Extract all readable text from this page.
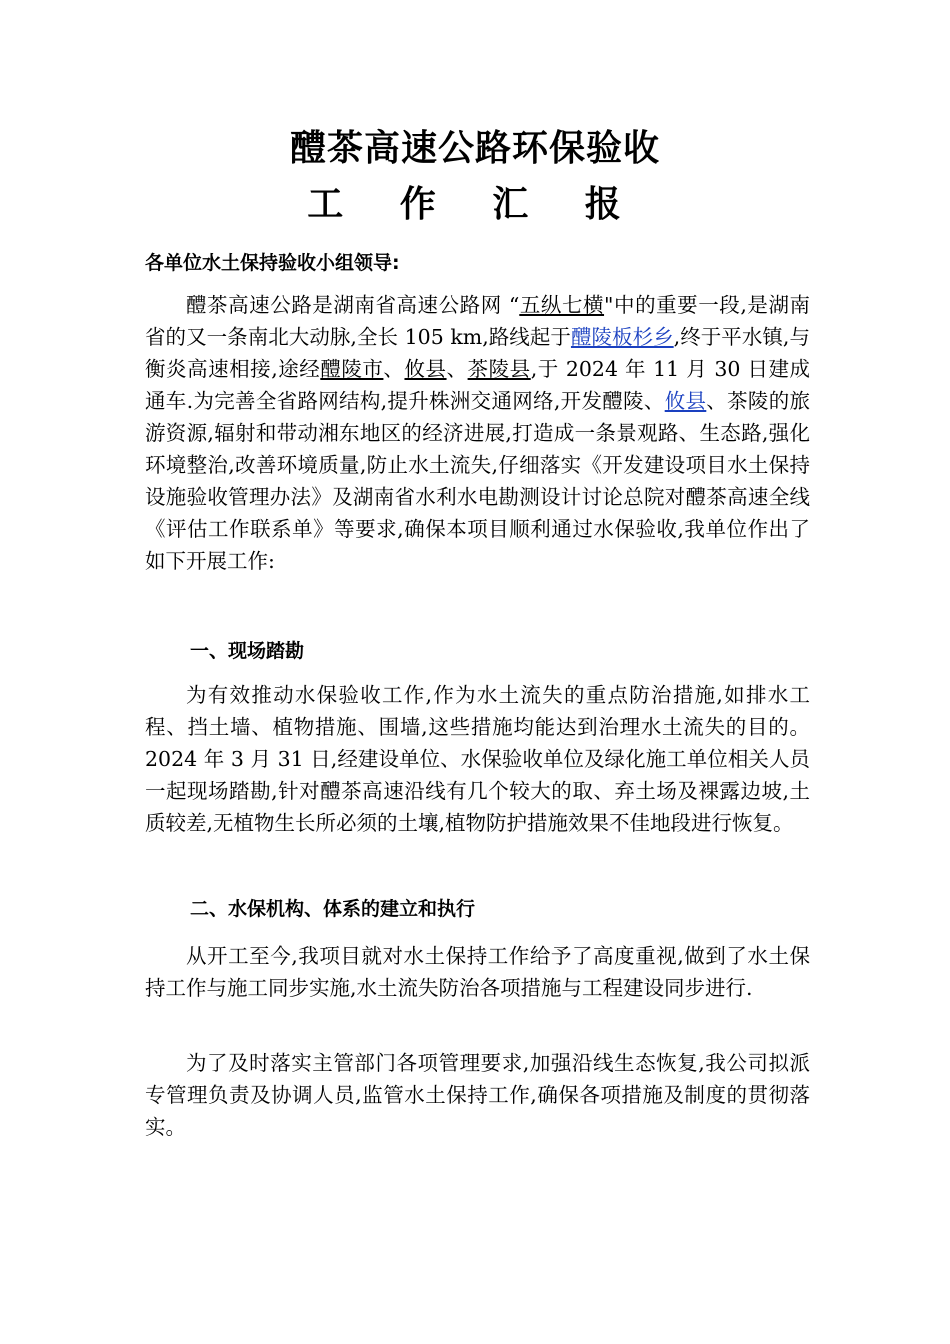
醴茶高速公路环保验收
工 作 汇 报

各单位水土保持验收小组领导:

醴茶高速公路是湖南省高速公路网 “五纵七横"中的重要一段,是湖南省的又一条南北大动脉,全长 105 km,路线起于醴陵板杉乡,终于平水镇,与衡炎高速相接,途经醴陵市、攸县、茶陵县,于 2024 年 11 月 30 日建成通车.为完善全省路网结构,提升株洲交通网络,开发醴陵、攸县、茶陵的旅游资源,辐射和带动湘东地区的经济进展,打造成一条景观路、生态路,强化环境整治,改善环境质量,防止水土流失,仔细落实《开发建设项目水土保持设施验收管理办法》及湖南省水利水电勘测设计讨论总院对醴茶高速全线《评估工作联系单》等要求,确保本项目顺利通过水保验收,我单位作出了如下开展工作:

一、现场踏勘

为有效推动水保验收工作,作为水土流失的重点防治措施,如排水工程、挡土墙、植物措施、围墙,这些措施均能达到治理水土流失的目的。2024 年 3 月 31 日,经建设单位、水保验收单位及绿化施工单位相关人员一起现场踏勘,针对醴茶高速沿线有几个较大的取、弃土场及裸露边坡,土质较差,无植物生长所必须的土壤,植物防护措施效果不佳地段进行恢复。

二、水保机构、体系的建立和执行

从开工至今,我项目就对水土保持工作给予了高度重视,做到了水土保持工作与施工同步实施,水土流失防治各项措施与工程建设同步进行.

为了及时落实主管部门各项管理要求,加强沿线生态恢复,我公司拟派专管理负责及协调人员,监管水土保持工作,确保各项措施及制度的贯彻落实。
